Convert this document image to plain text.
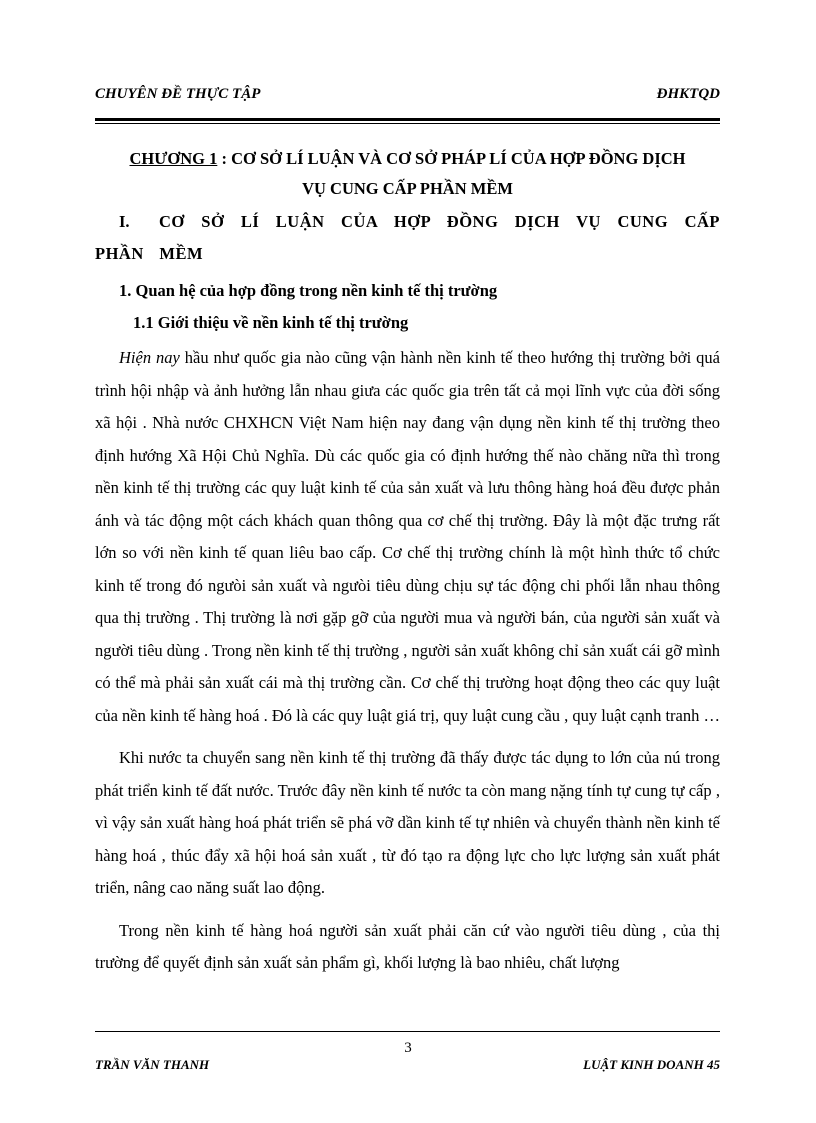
CHUYÊN ĐỀ THỰC TẬP	ĐHKTQD

CHƯƠNG 1 : CƠ SỞ LÍ LUẬN VÀ CƠ SỞ PHÁP LÍ CỦA HỢP ĐỒNG DỊCH
VỤ CUNG CẤP PHẦN MỀM

I. CƠ SỞ LÍ LUẬN CỦA HỢP ĐỒNG DỊCH VỤ CUNG CẤP PHẦN MỀM

1. Quan hệ của hợp đồng trong nền kinh tế thị trường
1.1 Giới thiệu về nền kinh tế thị trường

Hiện nay hầu như quốc gia nào cũng vận hành nền kinh tế theo hướng thị trường bởi quá trình hội nhập và ảnh hưởng lẫn nhau giưa các quốc gia trên tất cả mọi lĩnh vực của đời sống xã hội . Nhà nước CHXHCN Việt Nam hiện nay đang vận dụng nền kinh tế thị trường theo định hướng Xã Hội Chủ Nghĩa. Dù các quốc gia có định hướng thế nào chăng nữa thì trong nền kinh tế thị trường các quy luật kinh tế của sản xuất và lưu thông hàng hoá đều được phản ánh và tác động một cách khách quan thông qua cơ chế thị trường. Đây là một đặc trưng rất lớn so với nền kinh tế quan liêu bao cấp. Cơ chế thị trường chính là một hình thức tổ chức kinh tế trong đó ngưòi sản xuất và ngưòi tiêu dùng chịu sự tác động chi phối lẫn nhau thông qua thị trường . Thị trường là nơi gặp gỡ của người mua và người bán, của người sản xuất và người tiêu dùng . Trong nền kinh tế thị trường , người sản xuất không chỉ sản xuất cái gỡ mình có thể mà phải sản xuất cái mà thị trường cần. Cơ chế thị trường hoạt động theo các quy luật của nền kinh tế hàng hoá . Đó là các quy luật giá trị, quy luật cung cầu , quy luật cạnh tranh …

Khi nước ta chuyển sang nền kinh tế thị trường đã thấy được tác dụng to lớn của nú trong phát triển kinh tế đất nước. Trước đây nền kinh tế nước ta còn mang nặng tính tự cung tự cấp , vì vậy sản xuất hàng hoá phát triển sẽ phá vỡ dần kinh tế tự nhiên và chuyển thành nền kinh tế hàng hoá , thúc đẩy xã hội hoá sản xuất , từ đó tạo ra động lực cho lực lượng sản xuất phát triển, nâng cao năng suất lao động.

Trong nền kinh tế hàng hoá người sản xuất phải căn cứ vào người tiêu dùng , của thị trường để quyết định sản xuất sản phẩm gì, khối lượng là bao nhiêu, chất lượng

3
TRẦN VĂN THANH	LUẬT KINH DOANH 45
